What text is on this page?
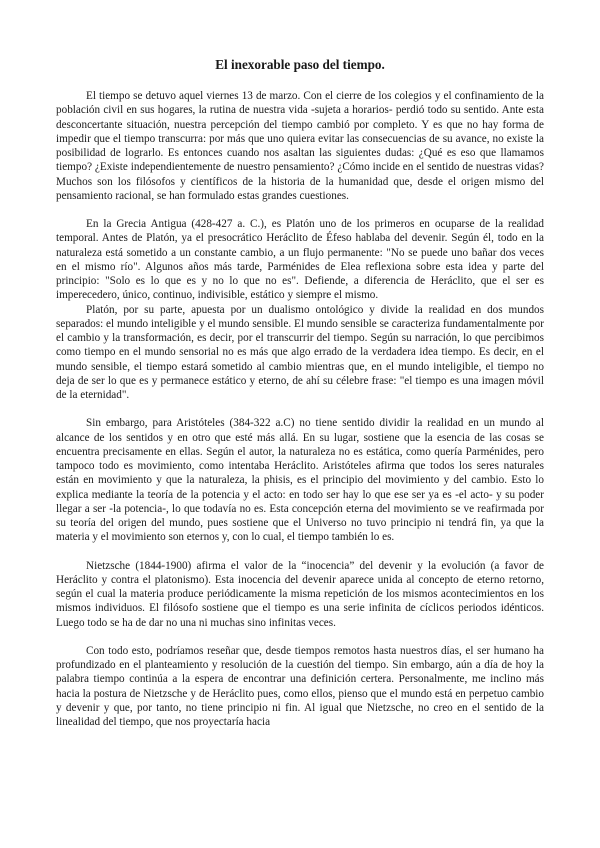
El inexorable paso del tiempo.

El tiempo se detuvo aquel viernes 13 de marzo. Con el cierre de los colegios y el confinamiento de la población civil en sus hogares, la rutina de nuestra vida -sujeta a horarios- perdió todo su sentido. Ante esta desconcertante situación, nuestra percepción del tiempo cambió por completo. Y es que no hay forma de impedir que el tiempo transcurra: por más que uno quiera evitar las consecuencias de su avance, no existe la posibilidad de lograrlo. Es entonces cuando nos asaltan las siguientes dudas: ¿Qué es eso que llamamos tiempo? ¿Existe independientemente de nuestro pensamiento? ¿Cómo incide en el sentido de nuestras vidas? Muchos son los filósofos y científicos de la historia de la humanidad que, desde el origen mismo del pensamiento racional, se han formulado estas grandes cuestiones.

En la Grecia Antigua (428-427 a. C.), es Platón uno de los primeros en ocuparse de la realidad temporal. Antes de Platón, ya el presocrático Heráclito de Éfeso hablaba del devenir. Según él, todo en la naturaleza está sometido a un constante cambio, a un flujo permanente: "No se puede uno bañar dos veces en el mismo río". Algunos años más tarde, Parménides de Elea reflexiona sobre esta idea y parte del principio: "Solo es lo que es y no lo que no es". Defiende, a diferencia de Heráclito, que el ser es imperecedero, único, continuo, indivisible, estático y siempre el mismo.

Platón, por su parte, apuesta por un dualismo ontológico y divide la realidad en dos mundos separados: el mundo inteligible y el mundo sensible. El mundo sensible se caracteriza fundamentalmente por el cambio y la transformación, es decir, por el transcurrir del tiempo. Según su narración, lo que percibimos como tiempo en el mundo sensorial no es más que algo errado de la verdadera idea tiempo. Es decir, en el mundo sensible, el tiempo estará sometido al cambio mientras que, en el mundo inteligible, el tiempo no deja de ser lo que es y permanece estático y eterno, de ahí su célebre frase: "el tiempo es una imagen móvil de la eternidad".

Sin embargo, para Aristóteles (384-322 a.C) no tiene sentido dividir la realidad en un mundo al alcance de los sentidos y en otro que esté más allá. En su lugar, sostiene que la esencia de las cosas se encuentra precisamente en ellas. Según el autor, la naturaleza no es estática, como quería Parménides, pero tampoco todo es movimiento, como intentaba Heráclito. Aristóteles afirma que todos los seres naturales están en movimiento y que la naturaleza, la phisis, es el principio del movimiento y del cambio. Esto lo explica mediante la teoría de la potencia y el acto: en todo ser hay lo que ese ser ya es -el acto- y su poder llegar a ser -la potencia-, lo que todavía no es. Esta concepción eterna del movimiento se ve reafirmada por su teoría del origen del mundo, pues sostiene que el Universo no tuvo principio ni tendrá fin, ya que la materia y el movimiento son eternos y, con lo cual, el tiempo también lo es.

Nietzsche (1844-1900) afirma el valor de la “inocencia” del devenir y la evolución (a favor de Heráclito y contra el platonismo). Esta inocencia del devenir aparece unida al concepto de eterno retorno, según el cual la materia produce periódicamente la misma repetición de los mismos acontecimientos en los mismos individuos. El filósofo sostiene que el tiempo es una serie infinita de cíclicos periodos idénticos. Luego todo se ha de dar no una ni muchas sino infinitas veces.

Con todo esto, podríamos reseñar que, desde tiempos remotos hasta nuestros días, el ser humano ha profundizado en el planteamiento y resolución de la cuestión del tiempo. Sin embargo, aún a día de hoy la palabra tiempo continúa a la espera de encontrar una definición certera. Personalmente, me inclino más hacia la postura de Nietzsche y de Heráclito pues, como ellos, pienso que el mundo está en perpetuo cambio y devenir y que, por tanto, no tiene principio ni fin. Al igual que Nietzsche, no creo en el sentido de la linealidad del tiempo, que nos proyectaría hacia
